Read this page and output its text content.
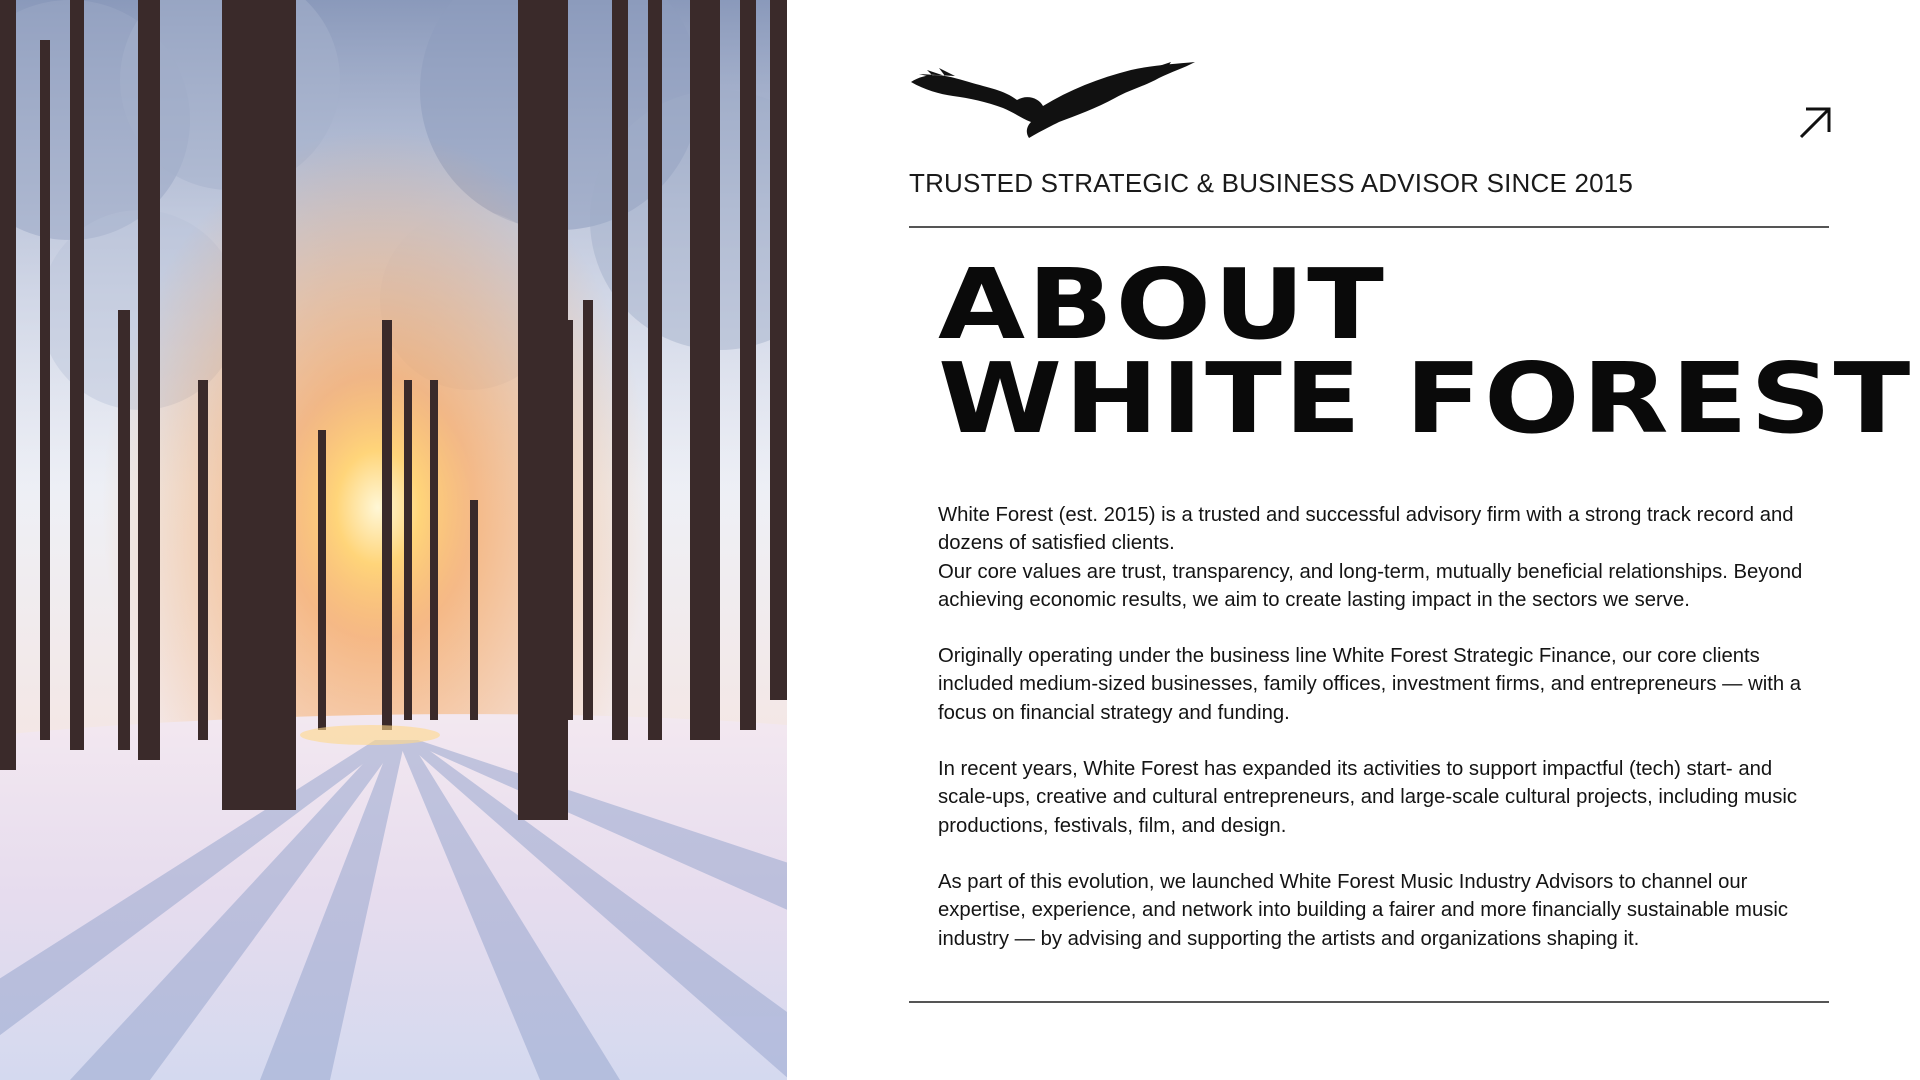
TRUSTED STRATEGIC & BUSINESS ADVISOR SINCE 2015
ABOUT
WHITE FOREST

White Forest (est. 2015) is a trusted and successful advisory firm with a strong track record and dozens of satisfied clients.
Our core values are trust, transparency, and long-term, mutually beneficial relationships. Beyond achieving economic results, we aim to create lasting impact in the sectors we serve.

Originally operating under the business line White Forest Strategic Finance, our core clients included medium-sized businesses, family offices, investment firms, and entrepreneurs — with a focus on financial strategy and funding.

In recent years, White Forest has expanded its activities to support impactful (tech) start- and scale-ups, creative and cultural entrepreneurs, and large-scale cultural projects, including music productions, festivals, film, and design.

As part of this evolution, we launched White Forest Music Industry Advisors to channel our expertise, experience, and network into building a fairer and more financially sustainable music industry — by advising and supporting the artists and organizations shaping it.
